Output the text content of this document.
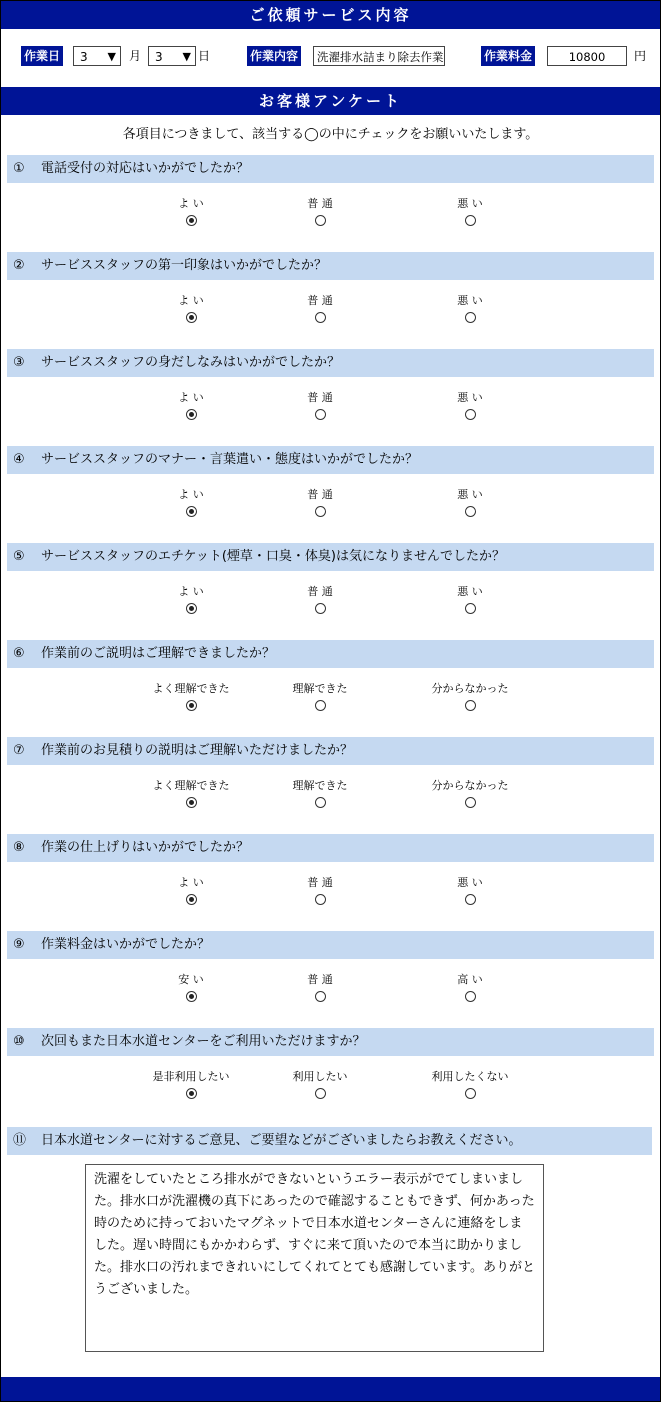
ご依頼サービス内容
作業日	3 ▼ 月	3 ▼ 日	作業内容	洗濯排水詰まり除去作業	作業料金	10800	円
お客様アンケート
各項目につきまして、該当する◯の中にチェックをお願いいたします。
① 電話受付の対応はいかがでしたか？
よ い	普 通	悪 い
② サービススタッフの第一印象はいかがでしたか？
よ い	普 通	悪 い
③ サービススタッフの身だしなみはいかがでしたか？
よ い	普 通	悪 い
④ サービススタッフのマナー・言葉遣い・態度はいかがでしたか？
よ い	普 通	悪 い
⑤ サービススタッフのエチケット(煙草・口臭・体臭)は気になりませんでしたか？
よ い	普 通	悪 い
⑥ 作業前のご説明はご理解できましたか？
よく理解できた	理解できた	分からなかった
⑦ 作業前のお見積りの説明はご理解いただけましたか？
よく理解できた	理解できた	分からなかった
⑧ 作業の仕上げりはいかがでしたか？
よ い	普 通	悪 い
⑨ 作業料金はいかがでしたか？
安 い	普 通	高 い
⑩ 次回もまた日本水道センターをご利用いただけますか？
是非利用したい	利用したい	利用したくない
⑪ 日本水道センターに対するご意見、ご要望などがございましたらお教えください。
洗濯をしていたところ排水ができないというエラー表示がでてしまいました。排水口が洗濯機の真下にあったので確認することもできず、何かあった時のために持っておいたマグネットで日本水道センターさんに連絡をしました。遅い時間にもかかわらず、すぐに来て頂いたので本当に助かりました。排水口の汚れまできれいにしてくれてとても感謝しています。ありがとうございました。
